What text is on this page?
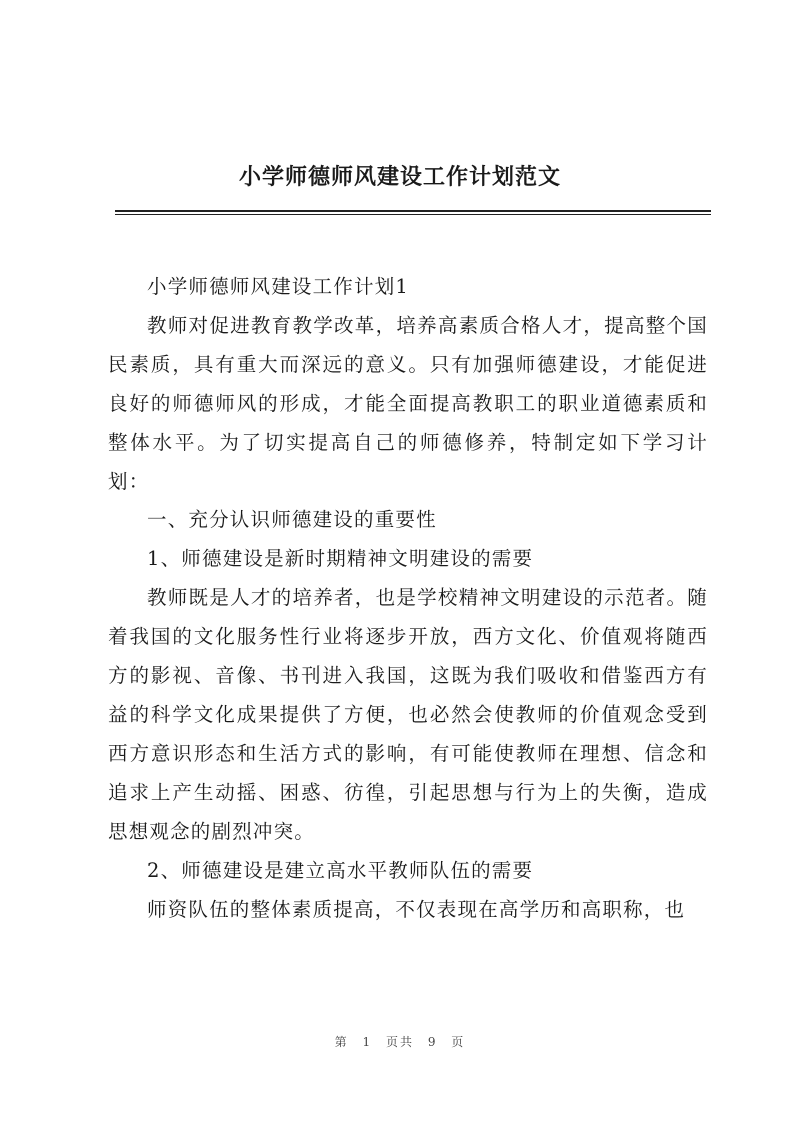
小学师德师风建设工作计划范文

小学师德师风建设工作计划1

教师对促进教育教学改革，培养高素质合格人才，提高整个国民素质，具有重大而深远的意义。只有加强师德建设，才能促进良好的师德师风的形成，才能全面提高教职工的职业道德素质和整体水平。为了切实提高自己的师德修养，特制定如下学习计划：

一、充分认识师德建设的重要性

1、师德建设是新时期精神文明建设的需要

教师既是人才的培养者，也是学校精神文明建设的示范者。随着我国的文化服务性行业将逐步开放，西方文化、价值观将随西方的影视、音像、书刊进入我国，这既为我们吸收和借鉴西方有益的科学文化成果提供了方便，也必然会使教师的价值观念受到西方意识形态和生活方式的影响，有可能使教师在理想、信念和追求上产生动摇、困惑、彷徨，引起思想与行为上的失衡，造成思想观念的剧烈冲突。

2、师德建设是建立高水平教师队伍的需要

师资队伍的整体素质提高，不仅表现在高学历和高职称，也

第 1 页共 9 页
